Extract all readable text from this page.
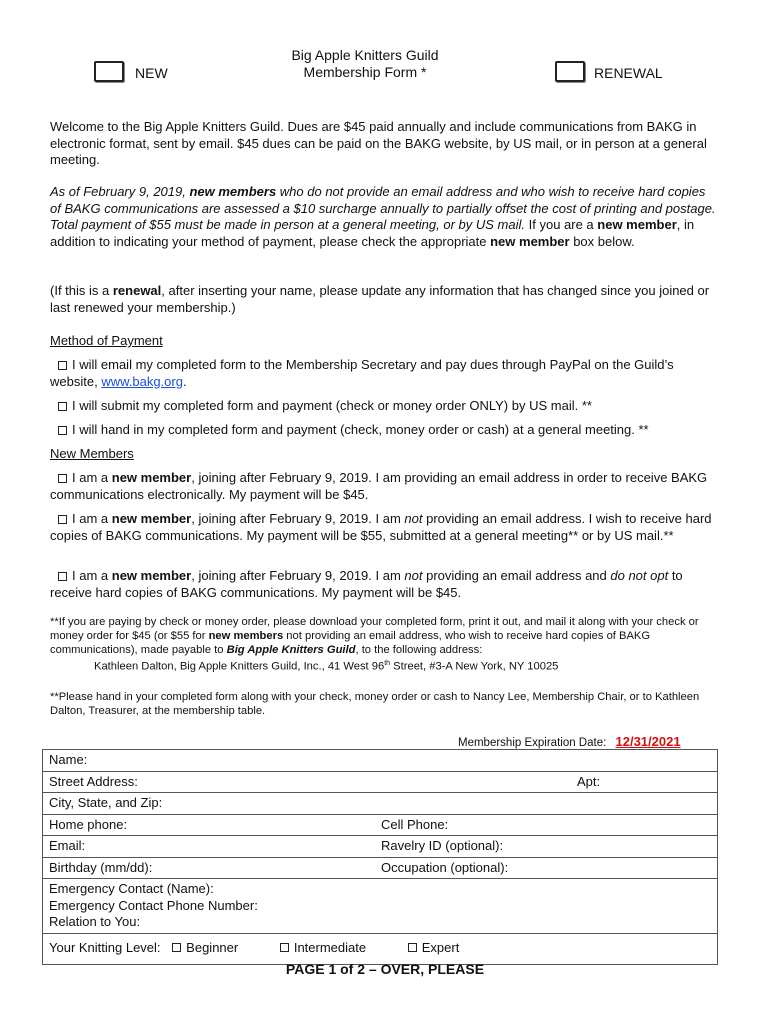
NEW
Big Apple Knitters Guild
Membership Form *	RENEWAL
Welcome to the Big Apple Knitters Guild. Dues are $45 paid annually and include communications from BAKG in electronic format, sent by email. $45 dues can be paid on the BAKG website, by US mail, or in person at a general meeting.
As of February 9, 2019, new members who do not provide an email address and who wish to receive hard copies of BAKG communications are assessed a $10 surcharge annually to partially offset the cost of printing and postage. Total payment of $55 must be made in person at a general meeting, or by US mail. If you are a new member, in addition to indicating your method of payment, please check the appropriate new member box below.
(If this is a renewal, after inserting your name, please update any information that has changed since you joined or last renewed your membership.)
Method of Payment
I will email my completed form to the Membership Secretary and pay dues through PayPal on the Guild’s website, www.bakg.org.
I will submit my completed form and payment (check or money order ONLY) by US mail. **
I will hand in my completed form and payment (check, money order or cash) at a general meeting. **
New Members
I am a new member, joining after February 9, 2019. I am providing an email address in order to receive BAKG communications electronically. My payment will be $45.
I am a new member, joining after February 9, 2019. I am not providing an email address. I wish to receive hard copies of BAKG communications. My payment will be $55, submitted at a general meeting** or by US mail.**
I am a new member, joining after February 9, 2019. I am not providing an email address and do not opt to receive hard copies of BAKG communications. My payment will be $45.
**If you are paying by check or money order, please download your completed form, print it out, and mail it along with your check or money order for $45 (or $55 for new members not providing an email address, who wish to receive hard copies of BAKG communications), made payable to Big Apple Knitters Guild, to the following address:
Kathleen Dalton, Big Apple Knitters Guild, Inc., 41 West 96th Street, #3-A New York, NY 10025
**Please hand in your completed form along with your check, money order or cash to Nancy Lee, Membership Chair, or to Kathleen Dalton, Treasurer, at the membership table.
Membership Expiration Date: 12/31/2021
Name:
Street Address:	Apt:
City, State, and Zip:
Home phone:	Cell Phone:
Email:	Ravelry ID (optional):
Birthday (mm/dd):	Occupation (optional):

Emergency Contact (Name):
Emergency Contact Phone Number:
Relation to You:

Your Knitting Level: Beginner	Intermediate	Expert
PAGE 1 of 2 – OVER, PLEASE
